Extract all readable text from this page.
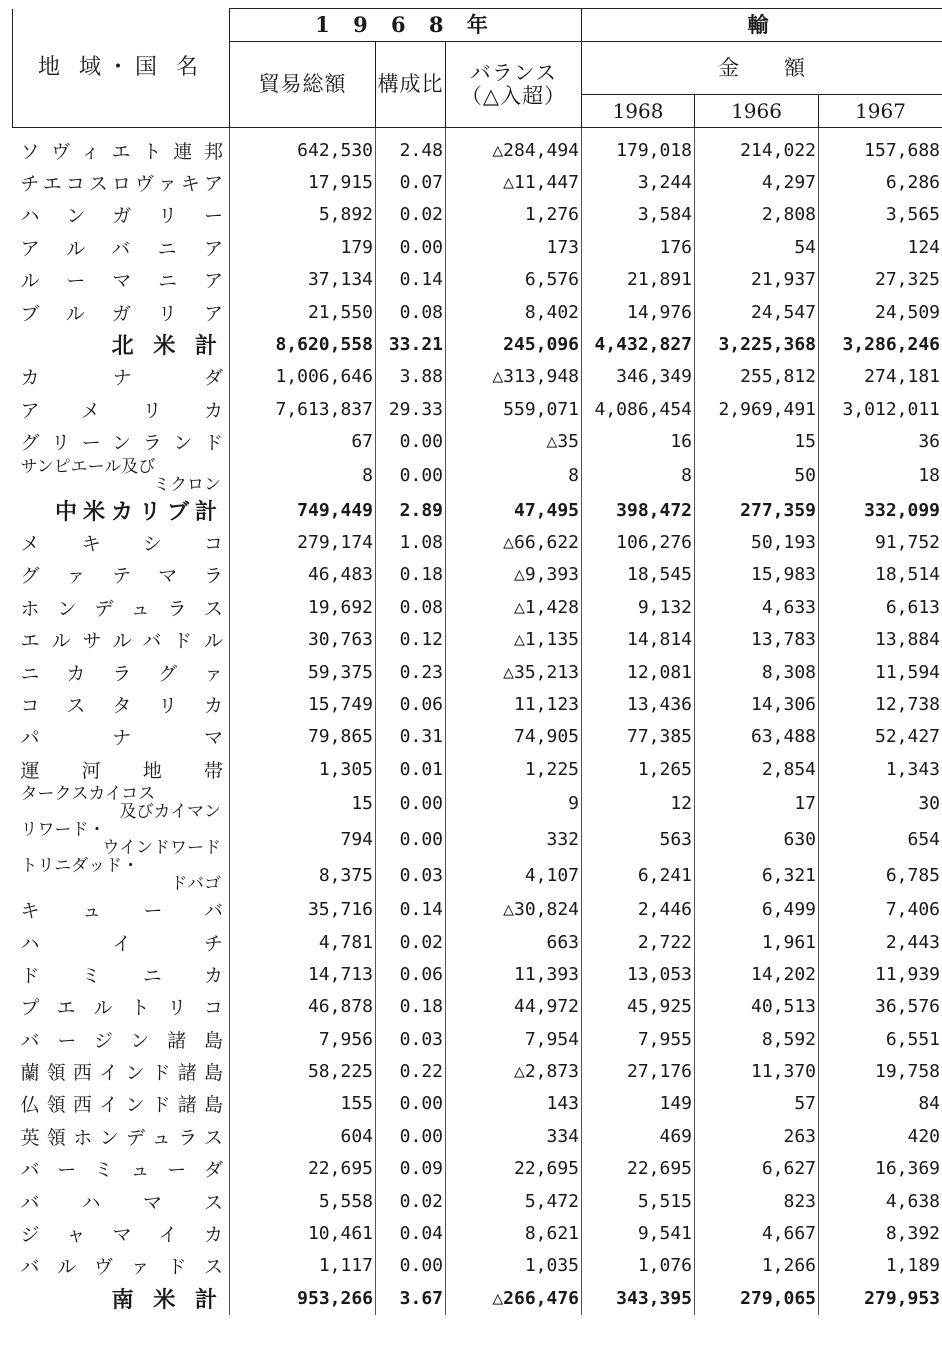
地 域・国 名	1 9 6 8 年			輸		
	貿易総額	構成比	バランス
（△入超）	金　　額		
				1968	1966	1967
ソヴィエト連邦	642,530	2.48	△284,494	179,018	214,022	157,688
チエコスロヴァキア	17,915	0.07	△11,447	3,244	4,297	6,286
ハンガリー	5,892	0.02	1,276	3,584	2,808	3,565
アルバニア	179	0.00	173	176	54	124
ルーマニア	37,134	0.14	6,576	21,891	21,937	27,325
ブルガリア	21,550	0.08	8,402	14,976	24,547	24,509
北 米 計	8,620,558	33.21	245,096	4,432,827	3,225,368	3,286,246
カナダ	1,006,646	3.88	△313,948	346,349	255,812	274,181
アメリカ	7,613,837	29.33	559,071	4,086,454	2,969,491	3,012,011
グリーンランド	67	0.00	△35	16	15	36

サンピエール及び
ミクロン	8	0.00	8	8	50	18
中米カリブ計	749,449	2.89	47,495	398,472	277,359	332,099
メキシコ	279,174	1.08	△66,622	106,276	50,193	91,752
グァテマラ	46,483	0.18	△9,393	18,545	15,983	18,514
ホンデュラス	19,692	0.08	△1,428	9,132	4,633	6,613
エルサルバドル	30,763	0.12	△1,135	14,814	13,783	13,884
ニカラグァ	59,375	0.23	△35,213	12,081	8,308	11,594
コスタリカ	15,749	0.06	11,123	13,436	14,306	12,738
パナマ	79,865	0.31	74,905	77,385	63,488	52,427
運河地帯	1,305	0.01	1,225	1,265	2,854	1,343

タークスカイコス
及びカイマン	15	0.00	9	12	17	30

リワード・
ウインドワード	794	0.00	332	563	630	654

トリニダッド・
ドバゴ	8,375	0.03	4,107	6,241	6,321	6,785
キューバ	35,716	0.14	△30,824	2,446	6,499	7,406
ハイチ	4,781	0.02	663	2,722	1,961	2,443
ドミニカ	14,713	0.06	11,393	13,053	14,202	11,939
プエルトリコ	46,878	0.18	44,972	45,925	40,513	36,576
バージン諸島	7,956	0.03	7,954	7,955	8,592	6,551
蘭領西インド諸島	58,225	0.22	△2,873	27,176	11,370	19,758
仏領西インド諸島	155	0.00	143	149	57	84
英領ホンデュラス	604	0.00	334	469	263	420
バーミューダ	22,695	0.09	22,695	22,695	6,627	16,369
バハマス	5,558	0.02	5,472	5,515	823	4,638
ジャマイカ	10,461	0.04	8,621	9,541	4,667	8,392
バルヴァドス	1,117	0.00	1,035	1,076	1,266	1,189
南 米 計	953,266	3.67	△266,476	343,395	279,065	279,953
